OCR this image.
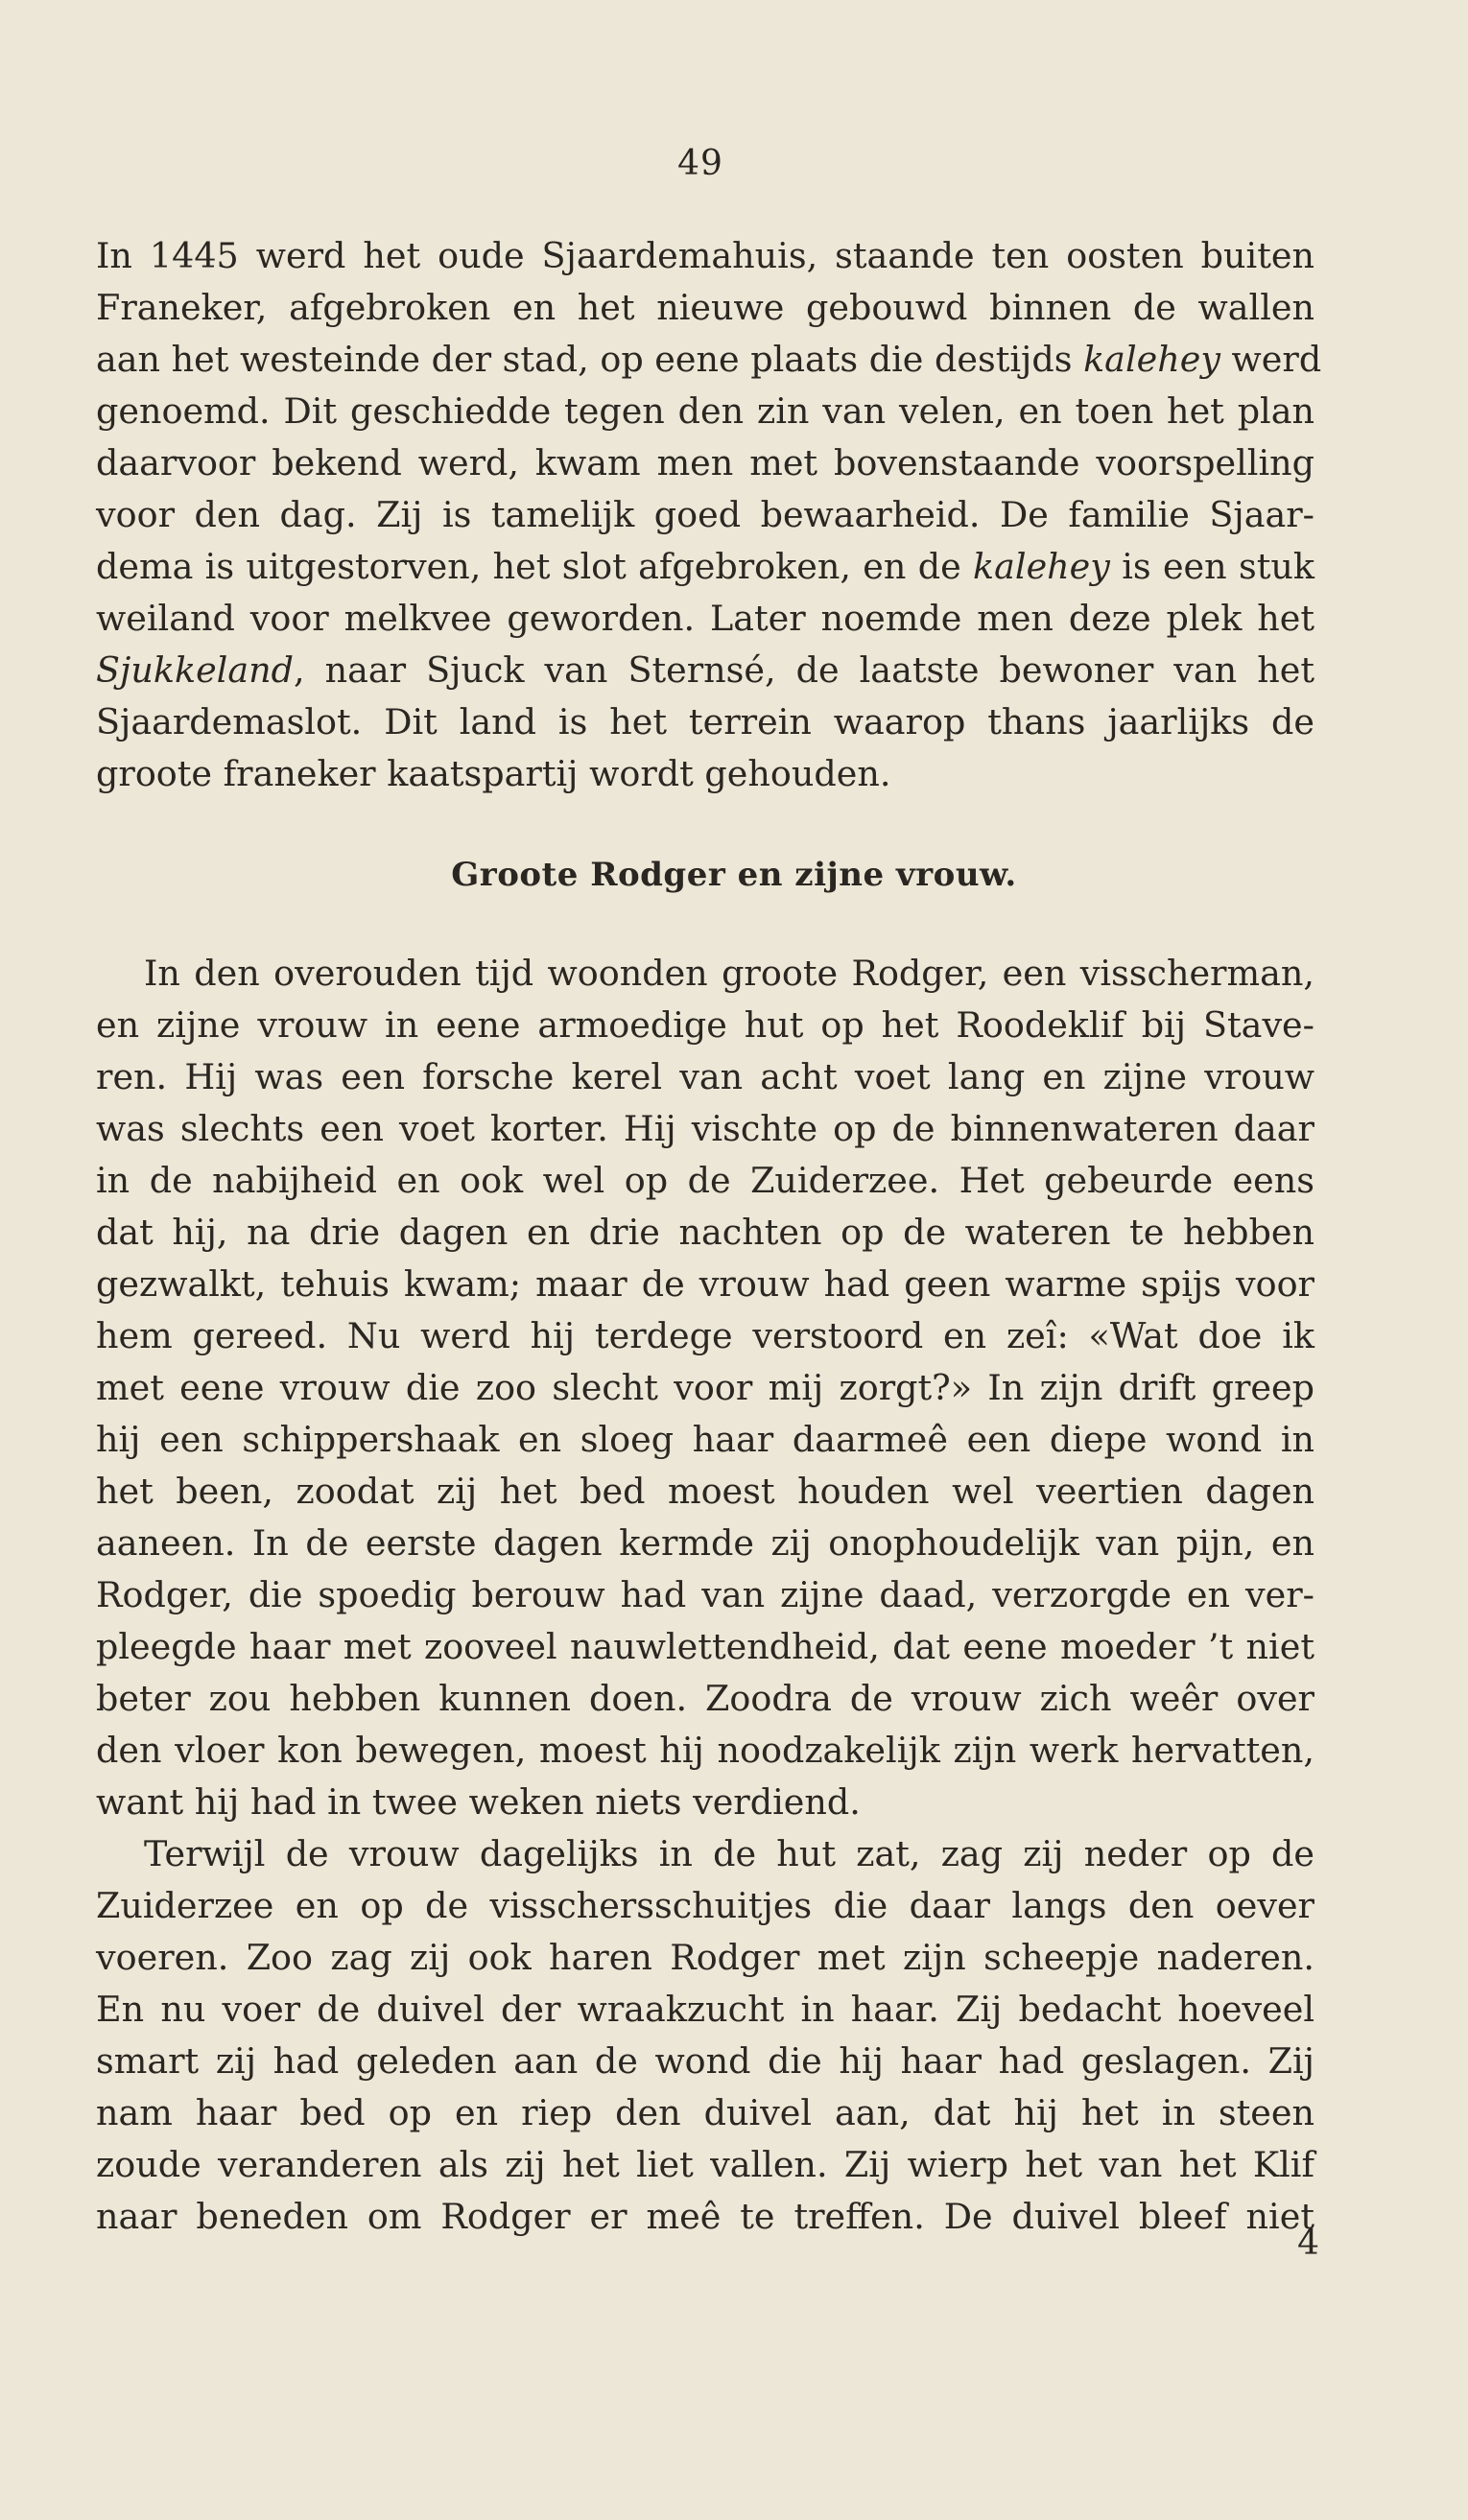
49
In 1445 werd het oude Sjaardemahuis, staande ten oosten buiten
Franeker, afgebroken en het nieuwe gebouwd binnen de wallen
aan het westeinde der stad, op eene plaats die destijds kalehey werd
genoemd. Dit geschiedde tegen den zin van velen, en toen het plan
daarvoor bekend werd, kwam men met bovenstaande voorspelling
voor den dag. Zij is tamelijk goed bewaarheid. De familie Sjaar-
dema is uitgestorven, het slot afgebroken, en de kalehey is een stuk
weiland voor melkvee geworden. Later noemde men deze plek het
Sjukkeland, naar Sjuck van Sternsé, de laatste bewoner van het
Sjaardemaslot. Dit land is het terrein waarop thans jaarlijks de
groote franeker kaatspartij wordt gehouden.
Groote Rodger en zijne vrouw.
In den overouden tijd woonden groote Rodger, een visscherman,
en zijne vrouw in eene armoedige hut op het Roodeklif bij Stave-
ren. Hij was een forsche kerel van acht voet lang en zijne vrouw
was slechts een voet korter. Hij vischte op de binnenwateren daar
in de nabijheid en ook wel op de Zuiderzee. Het gebeurde eens
dat hij, na drie dagen en drie nachten op de wateren te hebben
gezwalkt, tehuis kwam; maar de vrouw had geen warme spijs voor
hem gereed. Nu werd hij terdege verstoord en zeî: «Wat doe ik
met eene vrouw die zoo slecht voor mij zorgt?» In zijn drift greep
hij een schippershaak en sloeg haar daarmeê een diepe wond in
het been, zoodat zij het bed moest houden wel veertien dagen
aaneen. In de eerste dagen kermde zij onophoudelijk van pijn, en
Rodger, die spoedig berouw had van zijne daad, verzorgde en ver-
pleegde haar met zooveel nauwlettendheid, dat eene moeder ’t niet
beter zou hebben kunnen doen. Zoodra de vrouw zich weêr over
den vloer kon bewegen, moest hij noodzakelijk zijn werk hervatten,
want hij had in twee weken niets verdiend.
Terwijl de vrouw dagelijks in de hut zat, zag zij neder op de
Zuiderzee en op de visschersschuitjes die daar langs den oever
voeren. Zoo zag zij ook haren Rodger met zijn scheepje naderen.
En nu voer de duivel der wraakzucht in haar. Zij bedacht hoeveel
smart zij had geleden aan de wond die hij haar had geslagen. Zij
nam haar bed op en riep den duivel aan, dat hij het in steen
zoude veranderen als zij het liet vallen. Zij wierp het van het Klif
naar beneden om Rodger er meê te treffen. De duivel bleef niet
4
